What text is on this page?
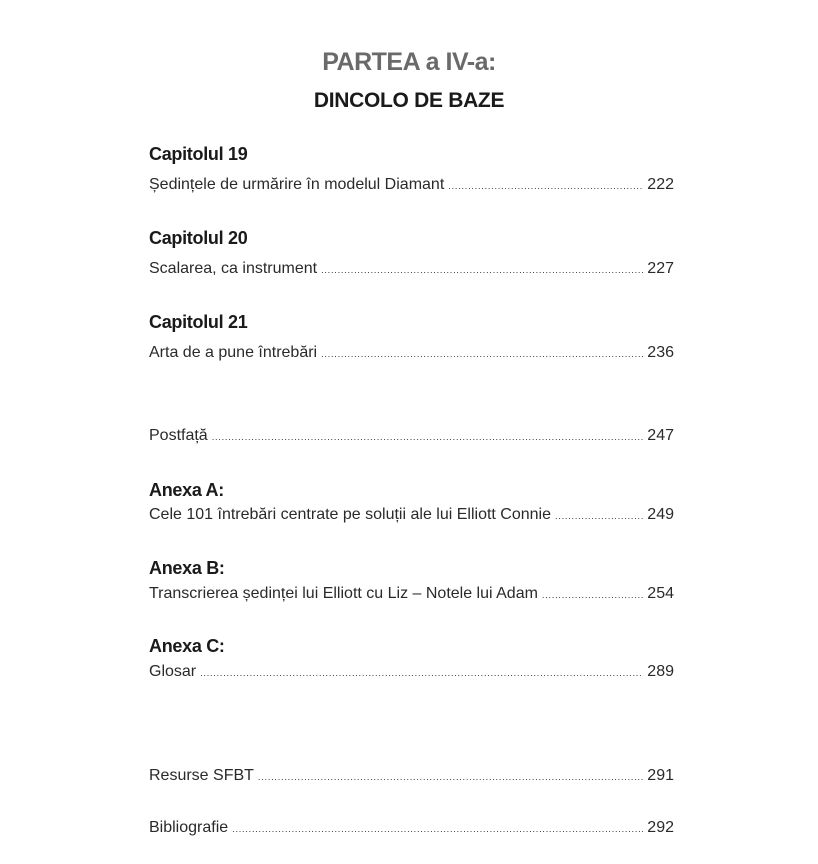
PARTEA a IV-a:
DINCOLO DE BAZE
Capitolul 19
Ședințele de urmărire în modelul Diamant .....	222
Capitolul 20
Scalarea, ca instrument .....	227
Capitolul 21
Arta de a pune întrebări .....	236
Postfață .....	247
Anexa A:
Cele 101 întrebări centrate pe soluții ale lui Elliott Connie .....	249
Anexa B:
Transcrierea ședinței lui Elliott cu Liz – Notele lui Adam .....	254
Anexa C:
Glosar .....	289
Resurse SFBT .....	291
Bibliografie .....	292
